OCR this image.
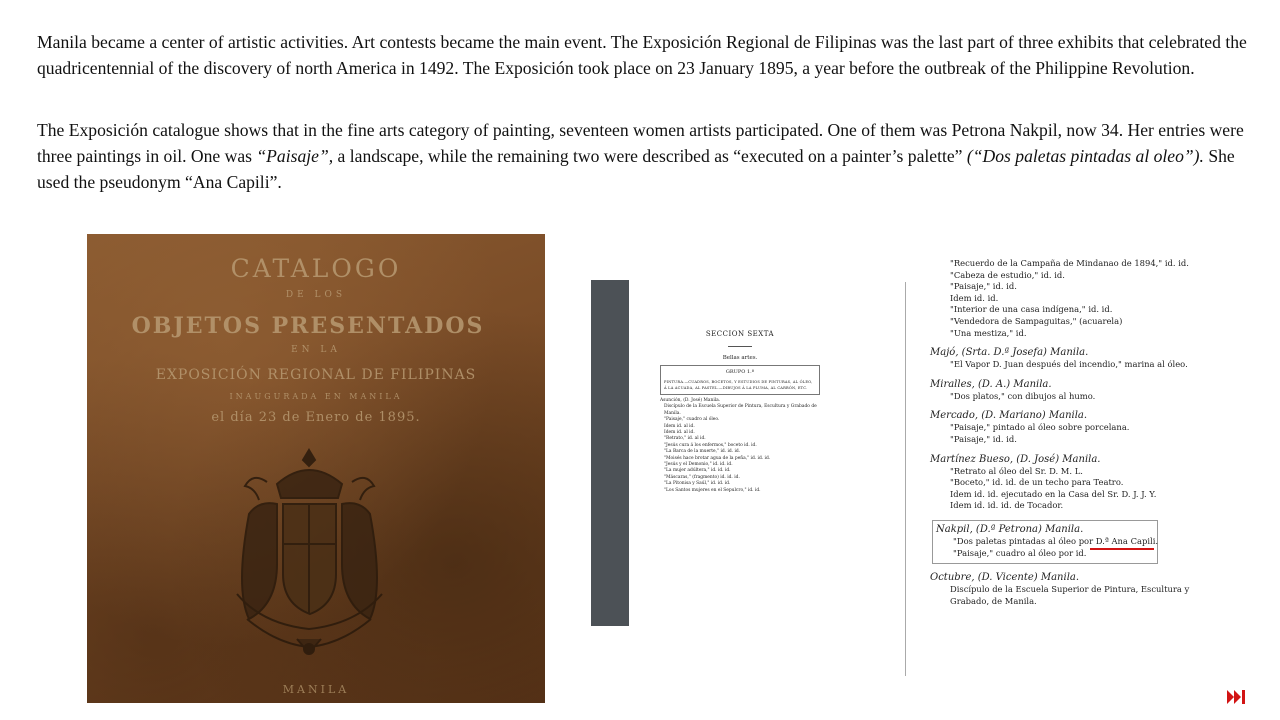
Manila became a center of artistic activities. Art contests became the main event. The Exposición Regional de Filipinas was the last part of three exhibits that celebrated the quadricentennial of the discovery of north America in 1492. The Exposición took place on 23 January 1895, a year before the outbreak of the Philippine Revolution.
The Exposición catalogue shows that in the fine arts category of painting, seventeen women artists participated. One of them was Petrona Nakpil, now 34. Her entries were three paintings in oil. One was “Paisaje”, a landscape, while the remaining two were described as “executed on a painter’s palette” (“Dos paletas pintadas al oleo”). She used the pseudonym “Ana Capili”.
CATALOGO
DE LOS
OBJETOS PRESENTADOS
EN LA
EXPOSICIÓN REGIONAL DE FILIPINAS
INAUGURADA EN MANILA
el día 23 de Enero de 1895.
MANILA
SECCION SEXTA
Bellas artes.
GRUPO 1.º
PINTURA.—CUADROS, BOCETOS, Y ESTUDIOS DE PINTURAS, AL ÓLEO, Á LA ACUADA, AL PASTEL.—DIBUJOS Á LA PLUMA, AL CARBÓN, ETC.
Asunción, (D. José) Manila.
Discípulo de la Escuela Superior de Pintura, Escultura y Grabado de Manila.
"Paisaje," cuadro al óleo.
Idem id. al id.
Idem id. al id.
"Retrato," id. al id.
"Jesús cura á los enfermos," boceto id. id.
"La Barca de la muerte," id. id. id.
"Moisés hace brotar agua de la peña," id. id. id.
"Jesús y el Demonio," id. id. id.
"La mujer adúltera," id. id. id.
"Máscaras," (fragmento) id. id. id.
"La Pitonisa y Saúl," id. id. id.
"Los Santos mujeres en el Sepulcro," id. id.
"Recuerdo de la Campaña de Mindanao de 1894," id. id.
"Cabeza de estudio," id. id.
"Paisaje," id. id.
Idem id. id.
"Interior de una casa indígena," id. id.
"Vendedora de Sampaguitas," (acuarela)
"Una mestiza," id.
Majó, (Srta. D.ª Josefa) Manila.
"El Vapor D. Juan después del incendio," marina al óleo.
Miralles, (D. A.) Manila.
"Dos platos," con dibujos al humo.
Mercado, (D. Mariano) Manila.
"Paisaje," pintado al óleo sobre porcelana.
"Paisaje," id. id.
Martínez Bueso, (D. José) Manila.
"Retrato al óleo del Sr. D. M. L.
"Boceto," id. id. de un techo para Teatro.
Idem id. id. ejecutado en la Casa del Sr. D. J. J. Y.
Idem id. id. id. de Tocador.
Nakpil, (D.ª Petrona) Manila.
"Dos paletas pintadas al óleo por D.ª Ana Capili.
"Paisaje," cuadro al óleo por id.
Octubre, (D. Vicente) Manila.
Discípulo de la Escuela Superior de Pintura, Escultura y
Grabado, de Manila.
